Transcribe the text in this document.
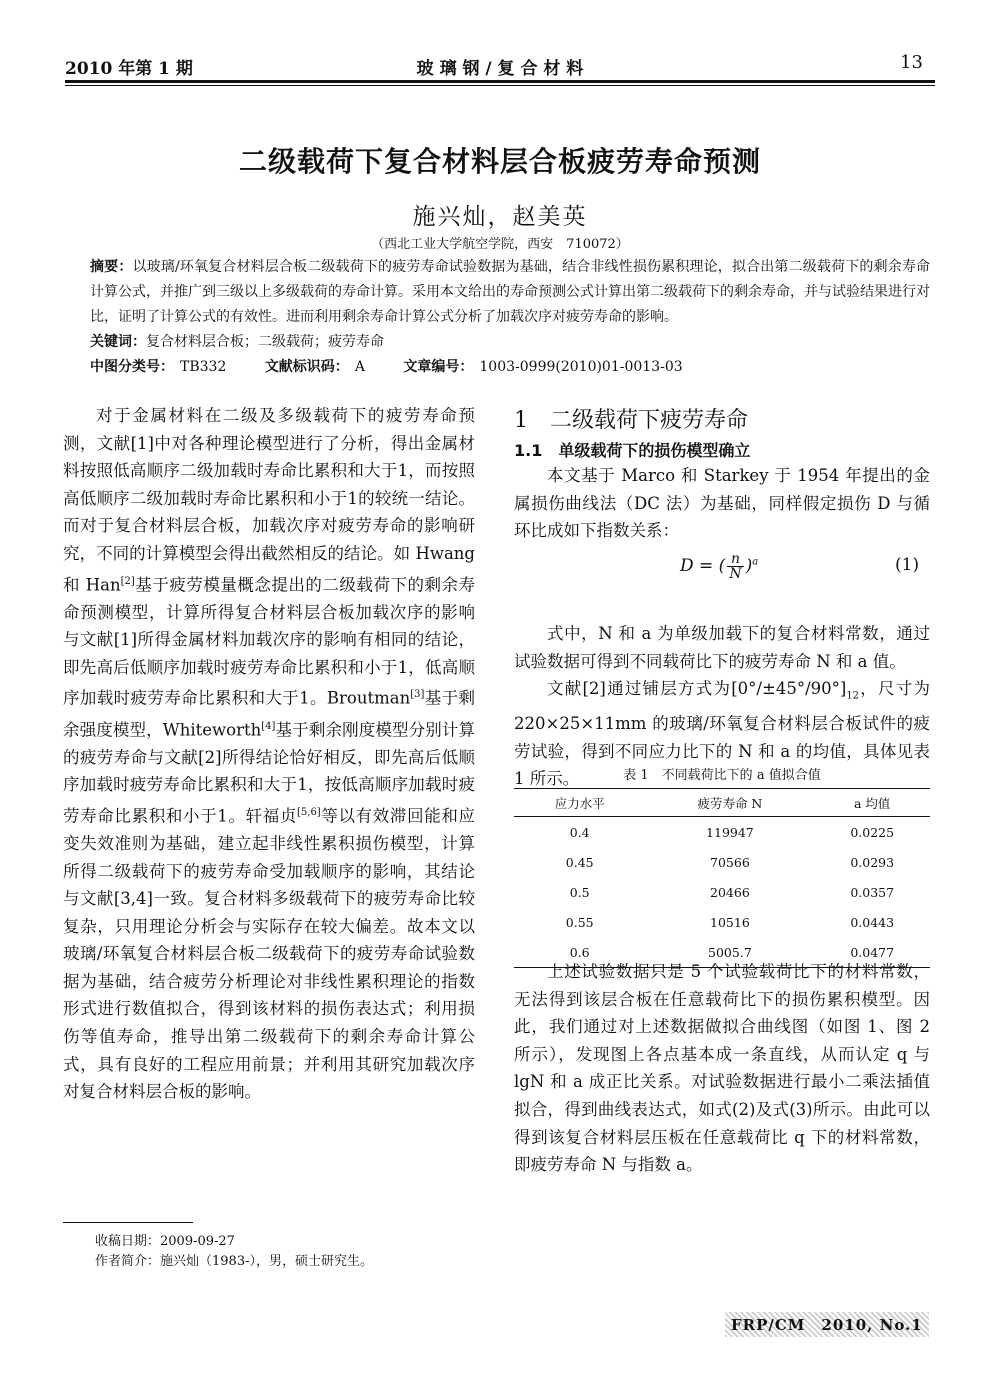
2010 年第 1 期	玻 璃 钢 / 复 合 材 料	13
二级载荷下复合材料层合板疲劳寿命预测
施兴灿，赵美英
（西北工业大学航空学院，西安　710072）
摘要：以玻璃/环氧复合材料层合板二级载荷下的疲劳寿命试验数据为基础，结合非线性损伤累积理论，拟合出第二级载荷下的剩余寿命计算公式，并推广到三级以上多级载荷的寿命计算。采用本文给出的寿命预测公式计算出第二级载荷下的剩余寿命，并与试验结果进行对比，证明了计算公式的有效性。进而利用剩余寿命计算公式分析了加载次序对疲劳寿命的影响。
关键词：复合材料层合板；二级载荷；疲劳寿命
中图分类号： TB332	文献标识码： A	文章编号： 1003-0999(2010)01-0013-03

对于金属材料在二级及多级载荷下的疲劳寿命预测，文献[1]中对各种理论模型进行了分析，得出金属材料按照低高顺序二级加载时寿命比累积和大于1，而按照高低顺序二级加载时寿命比累积和小于1的较统一结论。而对于复合材料层合板，加载次序对疲劳寿命的影响研究，不同的计算模型会得出截然相反的结论。如 Hwang 和 Han[2]基于疲劳模量概念提出的二级载荷下的剩余寿命预测模型，计算所得复合材料层合板加载次序的影响与文献[1]所得金属材料加载次序的影响有相同的结论，即先高后低顺序加载时疲劳寿命比累积和小于1，低高顺序加载时疲劳寿命比累积和大于1。Broutman[3]基于剩余强度模型，Whiteworth[4]基于剩余刚度模型分别计算的疲劳寿命与文献[2]所得结论恰好相反，即先高后低顺序加载时疲劳寿命比累积和大于1，按低高顺序加载时疲劳寿命比累积和小于1。轩福贞[5,6]等以有效滞回能和应变失效准则为基础，建立起非线性累积损伤模型，计算所得二级载荷下的疲劳寿命受加载顺序的影响，其结论与文献[3,4]一致。复合材料多级载荷下的疲劳寿命比较复杂，只用理论分析会与实际存在较大偏差。故本文以玻璃/环氧复合材料层合板二级载荷下的疲劳寿命试验数据为基础，结合疲劳分析理论对非线性累积理论的指数形式进行数值拟合，得到该材料的损伤表达式；利用损伤等值寿命，推导出第二级载荷下的剩余寿命计算公式，具有良好的工程应用前景；并利用其研究加载次序对复合材料层合板的影响。

1　二级载荷下疲劳寿命
1.1　单级载荷下的损伤模型确立

本文基于 Marco 和 Starkey 于 1954 年提出的金属损伤曲线法（DC 法）为基础，同样假定损伤 D 与循环比成如下指数关系：

D = ( $\frac{n}{N} )^a$	(1)

式中，N 和 a 为单级加载下的复合材料常数，通过试验数据可得到不同载荷比下的疲劳寿命 N 和 a 值。

文献[2]通过铺层方式为$[0^\circ/\pm 45^\circ/90^\circ]_{12}$，尺寸为 220×25×11mm 的玻璃/环氧复合材料层合板试件的疲劳试验，得到不同应力比下的 N 和 a 的均值，具体见表 1 所示。	表 1　不同载荷比下的 a 值拟合值
应力水平	疲劳寿命 N	a 均值
0.4	119947	0.0225
0.45	70566	0.0293
0.5	20466	0.0357
0.55	10516	0.0443
0.6	5005.7	0.0477

上述试验数据只是 5 个试验载荷比下的材料常数，无法得到该层合板在任意载荷比下的损伤累积模型。因此，我们通过对上述数据做拟合曲线图（如图 1、图 2 所示），发现图上各点基本成一条直线，从而认定 q 与 lgN 和 a 成正比关系。对试验数据进行最小二乘法插值拟合，得到曲线表达式，如式(2)及式(3)所示。由此可以得到该复合材料层压板在任意载荷比 q 下的材料常数，即疲劳寿命 N 与指数 a。

收稿日期：2009-09-27
作者简介：施兴灿（1983-），男，硕士研究生。
FRP/CM　2010, No.1
